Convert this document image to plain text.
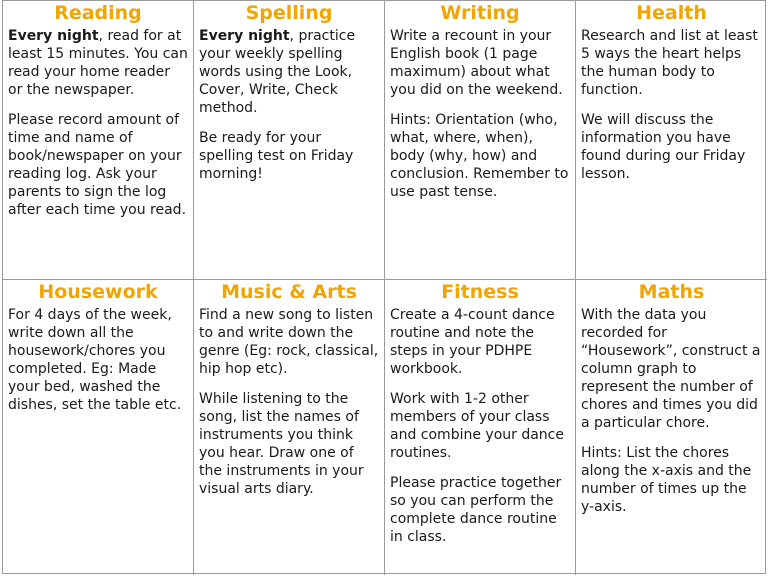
Reading

Every night, read for at least 15 minutes. You can read your home reader or the newspaper.

Please record amount of time and name of book/newspaper on your reading log. Ask your parents to sign the log after each time you read.

Spelling

Every night, practice your weekly spelling words using the Look, Cover, Write, Check method.

Be ready for your spelling test on Friday morning!

Writing

Write a recount in your English book (1 page maximum) about what you did on the weekend.

Hints: Orientation (who, what, where, when), body (why, how) and conclusion. Remember to use past tense.

Health

Research and list at least 5 ways the heart helps the human body to function.

We will discuss the information you have found during our Friday lesson.

Housework

For 4 days of the week, write down all the housework/chores you completed. Eg: Made your bed, washed the dishes, set the table etc.

Music & Arts

Find a new song to listen to and write down the genre (Eg: rock, classical, hip hop etc).

While listening to the song, list the names of instruments you think you hear. Draw one of the instruments in your visual arts diary.

Fitness

Create a 4-count dance routine and note the steps in your PDHPE workbook.

Work with 1-2 other members of your class and combine your dance routines.

Please practice together so you can perform the complete dance routine in class.

Maths

With the data you recorded for “Housework”, construct a column graph to represent the number of chores and times you did a particular chore.

Hints: List the chores along the x-axis and the number of times up the y-axis.
